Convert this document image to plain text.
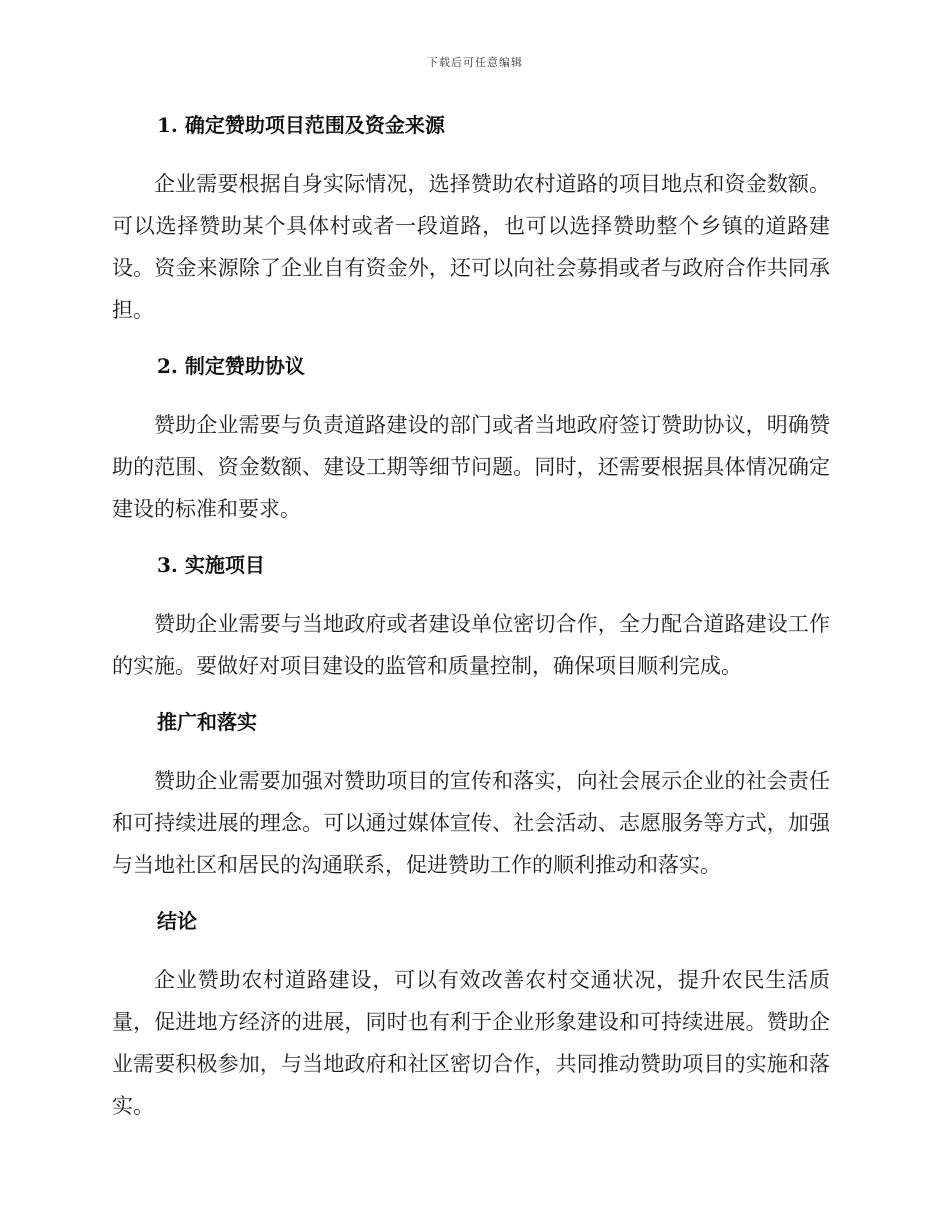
下载后可任意编辑
1. 确定赞助项目范围及资金来源

企业需要根据自身实际情况，选择赞助农村道路的项目地点和资金数额。可以选择赞助某个具体村或者一段道路，也可以选择赞助整个乡镇的道路建设。资金来源除了企业自有资金外，还可以向社会募捐或者与政府合作共同承担。

2. 制定赞助协议

赞助企业需要与负责道路建设的部门或者当地政府签订赞助协议，明确赞助的范围、资金数额、建设工期等细节问题。同时，还需要根据具体情况确定建设的标准和要求。

3. 实施项目

赞助企业需要与当地政府或者建设单位密切合作，全力配合道路建设工作的实施。要做好对项目建设的监管和质量控制，确保项目顺利完成。

推广和落实

赞助企业需要加强对赞助项目的宣传和落实，向社会展示企业的社会责任和可持续进展的理念。可以通过媒体宣传、社会活动、志愿服务等方式，加强与当地社区和居民的沟通联系，促进赞助工作的顺利推动和落实。

结论

企业赞助农村道路建设，可以有效改善农村交通状况，提升农民生活质量，促进地方经济的进展，同时也有利于企业形象建设和可持续进展。赞助企业需要积极参加，与当地政府和社区密切合作，共同推动赞助项目的实施和落实。
